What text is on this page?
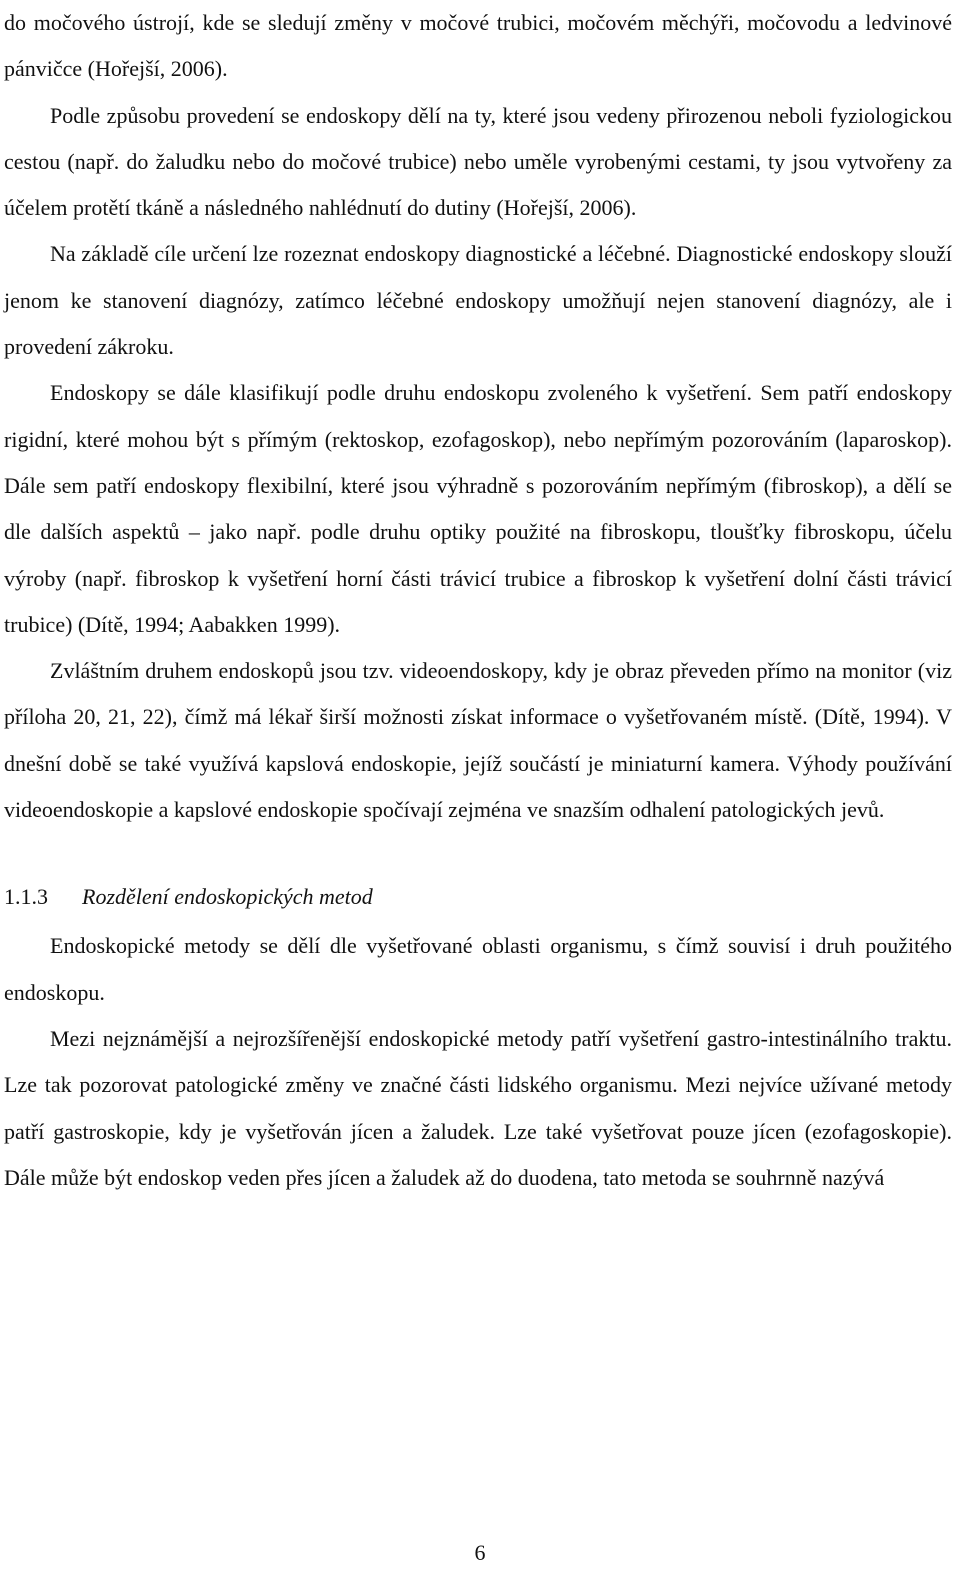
do močového ústrojí, kde se sledují změny v močové trubici, močovém měchýři, močovodu a ledvinové pánvičce (Hořejší, 2006).

Podle způsobu provedení se endoskopy dělí na ty, které jsou vedeny přirozenou neboli fyziologickou cestou (např. do žaludku nebo do močové trubice) nebo uměle vyrobenými cestami, ty jsou vytvořeny za účelem protětí tkáně a následného nahlédnutí do dutiny (Hořejší, 2006).

Na základě cíle určení lze rozeznat endoskopy diagnostické a léčebné. Diagnostické endoskopy slouží jenom ke stanovení diagnózy, zatímco léčebné endoskopy umožňují nejen stanovení diagnózy, ale i provedení zákroku.

Endoskopy se dále klasifikují podle druhu endoskopu zvoleného k vyšetření. Sem patří endoskopy rigidní, které mohou být s přímým (rektoskop, ezofagoskop), nebo nepřímým pozorováním (laparoskop). Dále sem patří endoskopy flexibilní, které jsou výhradně s pozorováním nepřímým (fibroskop), a dělí se dle dalších aspektů – jako např. podle druhu optiky použité na fibroskopu, tloušťky fibroskopu, účelu výroby (např. fibroskop k vyšetření horní části trávicí trubice a fibroskop k vyšetření dolní části trávicí trubice) (Dítě, 1994; Aabakken 1999).

Zvláštním druhem endoskopů jsou tzv. videoendoskopy, kdy je obraz převeden přímo na monitor (viz příloha 20, 21, 22), čímž má lékař širší možnosti získat informace o vyšetřovaném místě. (Dítě, 1994). V dnešní době se také využívá kapslová endoskopie, jejíž součástí je miniaturní kamera. Výhody používání videoendoskopie a kapslové endoskopie spočívají zejména ve snazším odhalení patologických jevů.

1.1.3	Rozdělení endoskopických metod

Endoskopické metody se dělí dle vyšetřované oblasti organismu, s čímž souvisí i druh použitého endoskopu.

Mezi nejznámější a nejrozšířenější endoskopické metody patří vyšetření gastro-intestinálního traktu. Lze tak pozorovat patologické změny ve značné části lidského organismu. Mezi nejvíce užívané metody patří gastroskopie, kdy je vyšetřován jícen a žaludek. Lze také vyšetřovat pouze jícen (ezofagoskopie). Dále může být endoskop veden přes jícen a žaludek až do duodena, tato metoda se souhrnně nazývá

6
